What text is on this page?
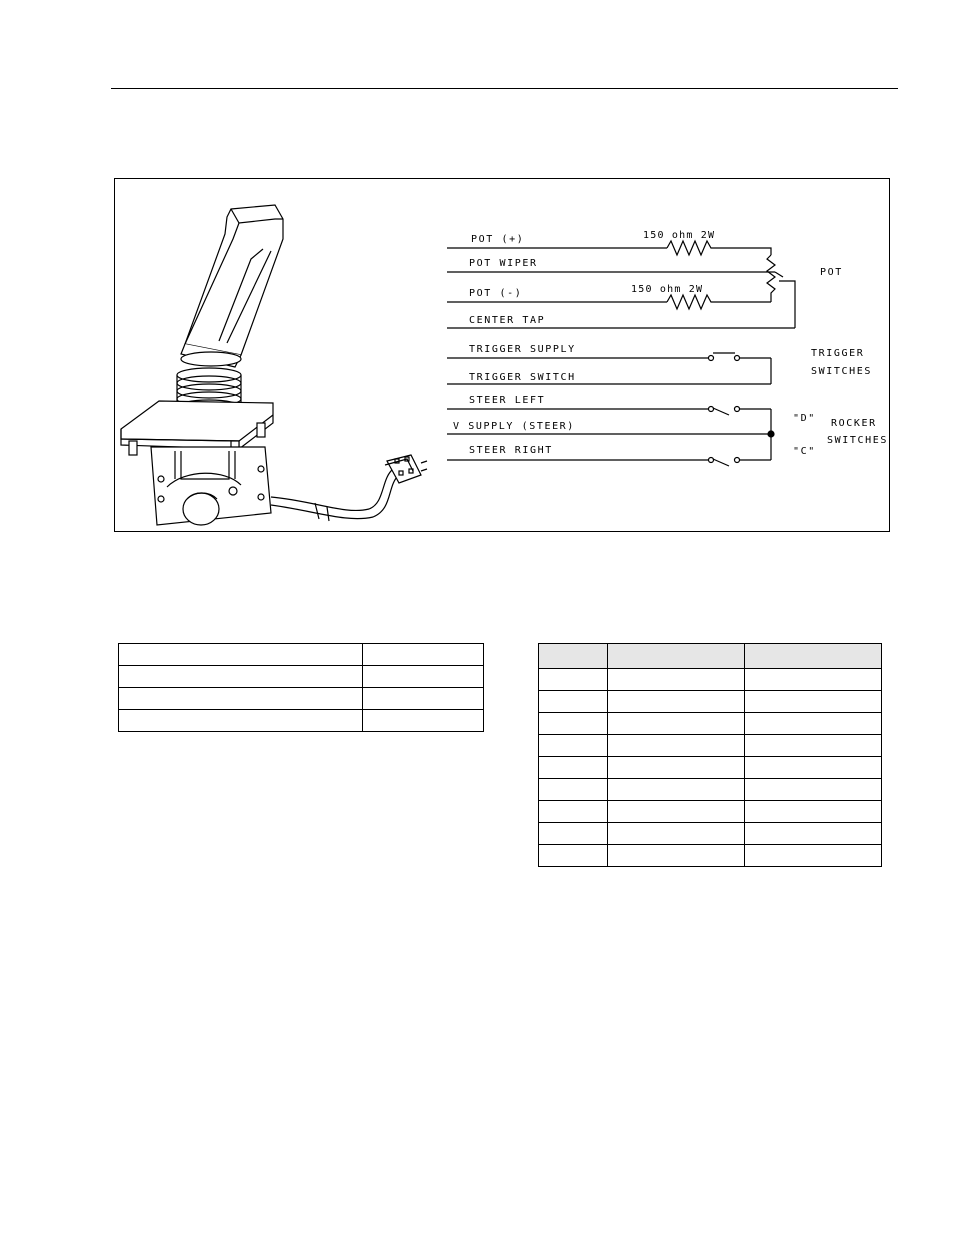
POT (+)
POT WIPER
POT (-)
CENTER TAP
TRIGGER SUPPLY
TRIGGER SWITCH
STEER LEFT
V SUPPLY (STEER)
STEER RIGHT
150 ohm 2W
150 ohm 2W
POT
TRIGGER
SWITCHES
"D"
"C"
ROCKER
SWITCHES
